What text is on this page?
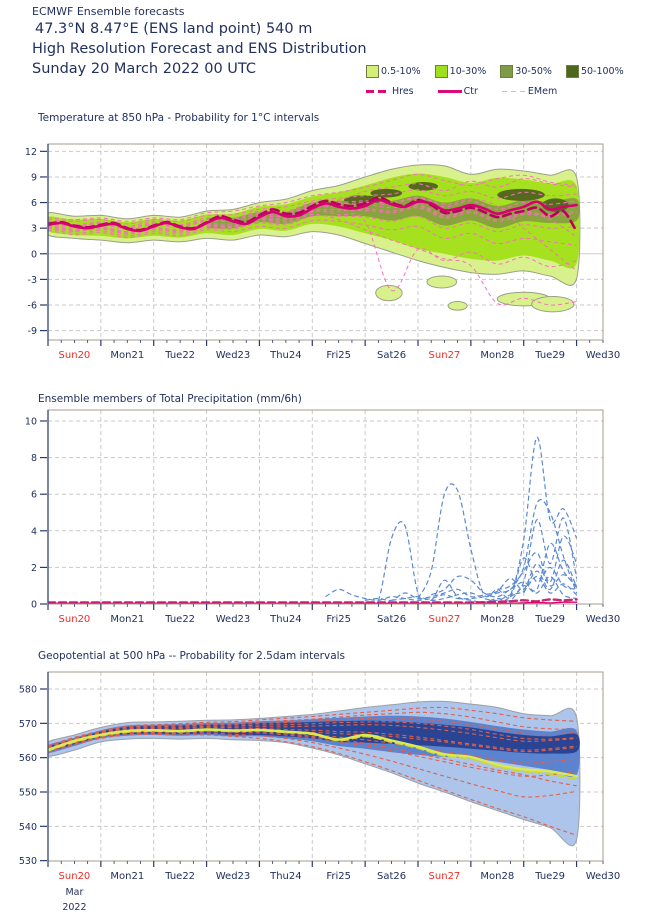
ECMWF Ensemble forecasts
47.3°N 8.47°E (ENS land point) 540 m
High Resolution Forecast and ENS Distribution
Sunday 20 March 2022 00 UTC	0.5-10%	10-30%	30-50%	50-100%
Hres	Ctr	EMem
Temperature at 850 hPa - Probability for 1°C intervals
Ensemble members of Total Precipitation (mm/6h)
Geopotential at 500 hPa -- Probability for 2.5dam intervals
12
9
6
3
0
-3
-6
-9
Sun20 Mon21 Tue22 Wed23 Thu24 Fri25	Sat26 Sun27 Mon28 Tue29 Wed30
10
8
6
4
2
0
Sun20 Mon21 Tue22 Wed23 Thu24 Fri25	Sat26 Sun27 Mon28 Tue29 Wed30
580
570
560
550
540
530
Sun20 Mon21 Tue22 Wed23 Thu24 Fri25	Sat26 Sun27 Mon28 Tue29 Wed30
Mar
2022
